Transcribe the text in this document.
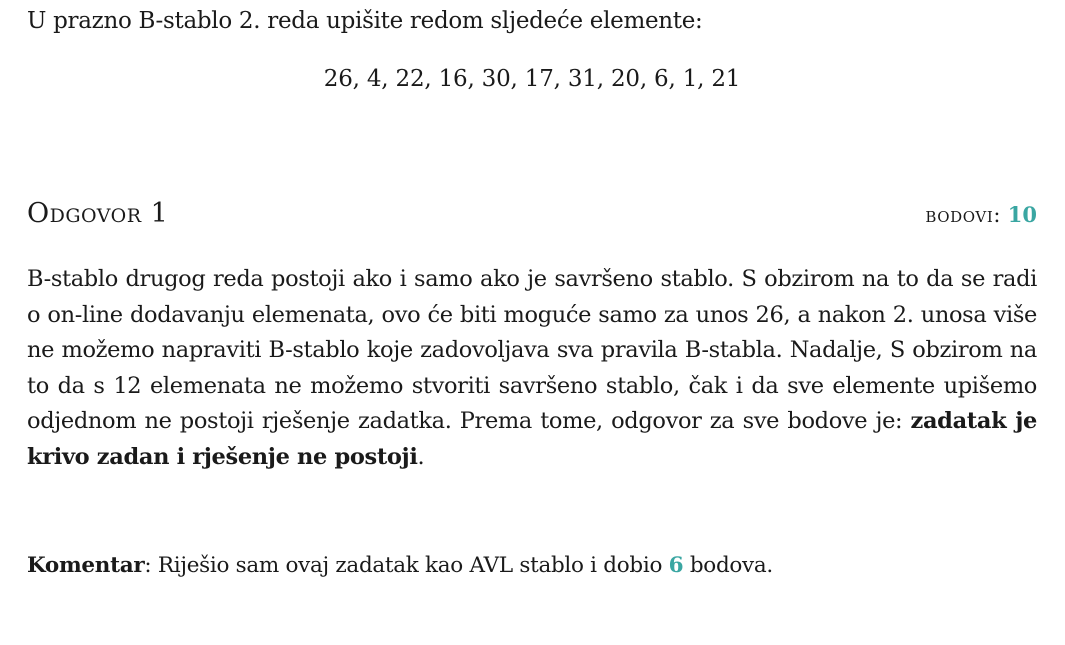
U prazno B-stablo 2. reda upišite redom sljedeće elemente:
26, 4, 22, 16, 30, 17, 31, 20, 6, 1, 21
Odgovor 1	bodovi: 10
B-stablo drugog reda postoji ako i samo ako je savršeno stablo. S obzirom na to da se radi o on-line dodavanju elemenata, ovo će biti moguće samo za unos 26, a nakon 2. unosa više ne možemo napraviti B-stablo koje zadovoljava sva pravila B-stabla. Nadalje, S obzirom na to da s 12 elemenata ne možemo stvoriti savršeno stablo, čak i da sve elemente upišemo odjednom ne postoji rješenje zadatka. Prema tome, odgovor za sve bodove je: zadatak je krivo zadan i rješenje ne postoji.
Komentar: Riješio sam ovaj zadatak kao AVL stablo i dobio 6 bodova.
